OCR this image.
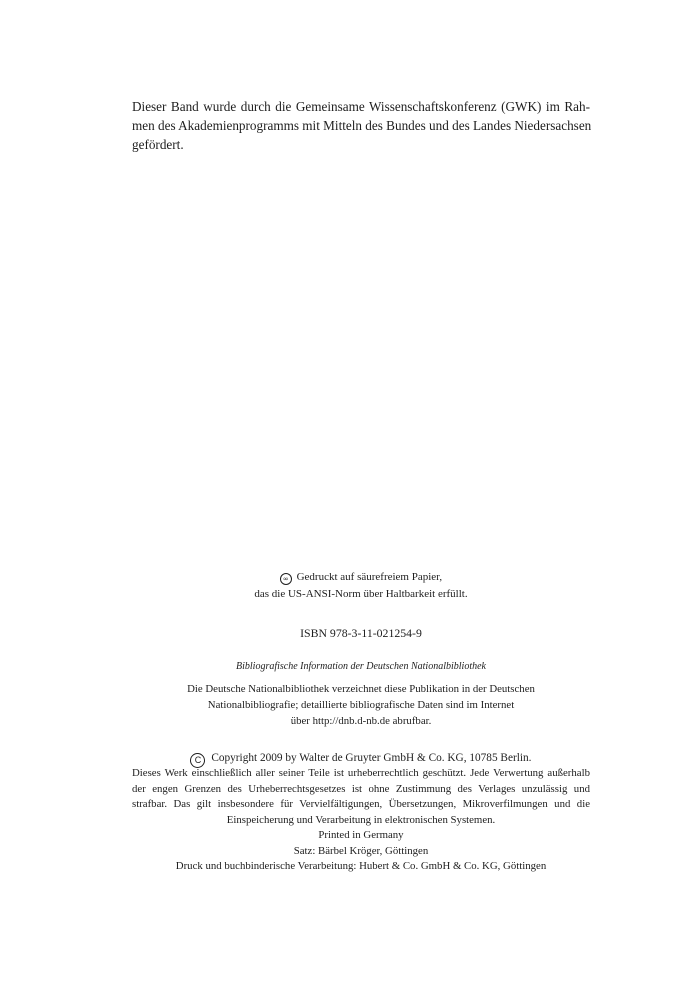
Dieser Band wurde durch die Gemeinsame Wissenschaftskonferenz (GWK) im Rah-
men des Akademienprogramms mit Mitteln des Bundes und des Landes Niedersachsen
gefördert.
∞ Gedruckt auf säurefreiem Papier,
das die US-ANSI-Norm über Haltbarkeit erfüllt.
ISBN 978-3-11-021254-9
Bibliografische Information der Deutschen Nationalbibliothek
Die Deutsche Nationalbibliothek verzeichnet diese Publikation in der Deutschen
Nationalbibliografie; detaillierte bibliografische Daten sind im Internet
über http://dnb.d-nb.de abrufbar.
C Copyright 2009 by Walter de Gruyter GmbH & Co. KG, 10785 Berlin.
Dieses Werk einschließlich aller seiner Teile ist urheberrechtlich geschützt. Jede Verwertung außerhalb
der engen Grenzen des Urheberrechtsgesetzes ist ohne Zustimmung des Verlages unzulässig und
strafbar. Das gilt insbesondere für Vervielfältigungen, Übersetzungen, Mikroverfilmungen und die
Einspeicherung und Verarbeitung in elektronischen Systemen.
Printed in Germany
Satz: Bärbel Kröger, Göttingen
Druck und buchbinderische Verarbeitung: Hubert & Co. GmbH & Co. KG, Göttingen
